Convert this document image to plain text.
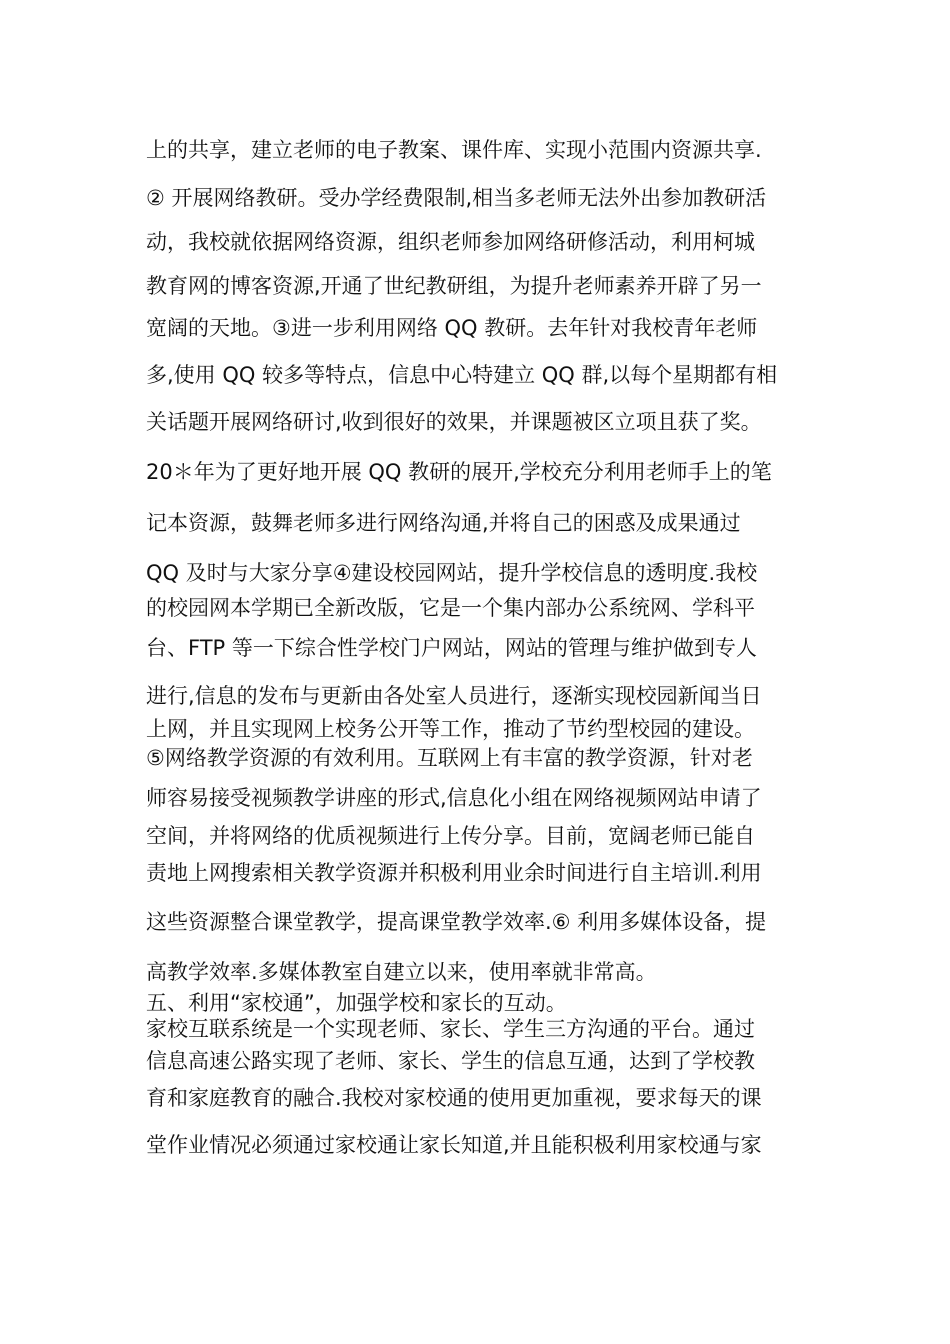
上的共享，建立老师的电子教案、课件库、实现小范围内资源共享.
② 开展网络教研。受办学经费限制,相当多老师无法外出参加教研活
动，我校就依据网络资源，组织老师参加网络研修活动，利用柯城
教育网的博客资源,开通了世纪教研组，为提升老师素养开辟了另一
宽阔的天地。③进一步利用网络 QQ 教研。去年针对我校青年老师
多,使用 QQ 较多等特点，信息中心特建立 QQ 群,以每个星期都有相
关话题开展网络研讨,收到很好的效果，并课题被区立项且获了奖。
20＊年为了更好地开展 QQ 教研的展开,学校充分利用老师手上的笔
记本资源，鼓舞老师多进行网络沟通,并将自己的困惑及成果通过
QQ 及时与大家分享④建设校园网站，提升学校信息的透明度.我校
的校园网本学期已全新改版，它是一个集内部办公系统网、学科平
台、FTP 等一下综合性学校门户网站，网站的管理与维护做到专人
进行,信息的发布与更新由各处室人员进行，逐渐实现校园新闻当日
上网，并且实现网上校务公开等工作，推动了节约型校园的建设。
⑤网络教学资源的有效利用。互联网上有丰富的教学资源，针对老
师容易接受视频教学讲座的形式,信息化小组在网络视频网站申请了
空间，并将网络的优质视频进行上传分享。目前，宽阔老师已能自
责地上网搜索相关教学资源并积极利用业余时间进行自主培训.利用
这些资源整合课堂教学，提高课堂教学效率.⑥ 利用多媒体设备，提
高教学效率.多媒体教室自建立以来，使用率就非常高。
五、利用“家校通”，加强学校和家长的互动。
家校互联系统是一个实现老师、家长、学生三方沟通的平台。通过
信息高速公路实现了老师、家长、学生的信息互通，达到了学校教
育和家庭教育的融合.我校对家校通的使用更加重视，要求每天的课
堂作业情况必须通过家校通让家长知道,并且能积极利用家校通与家
